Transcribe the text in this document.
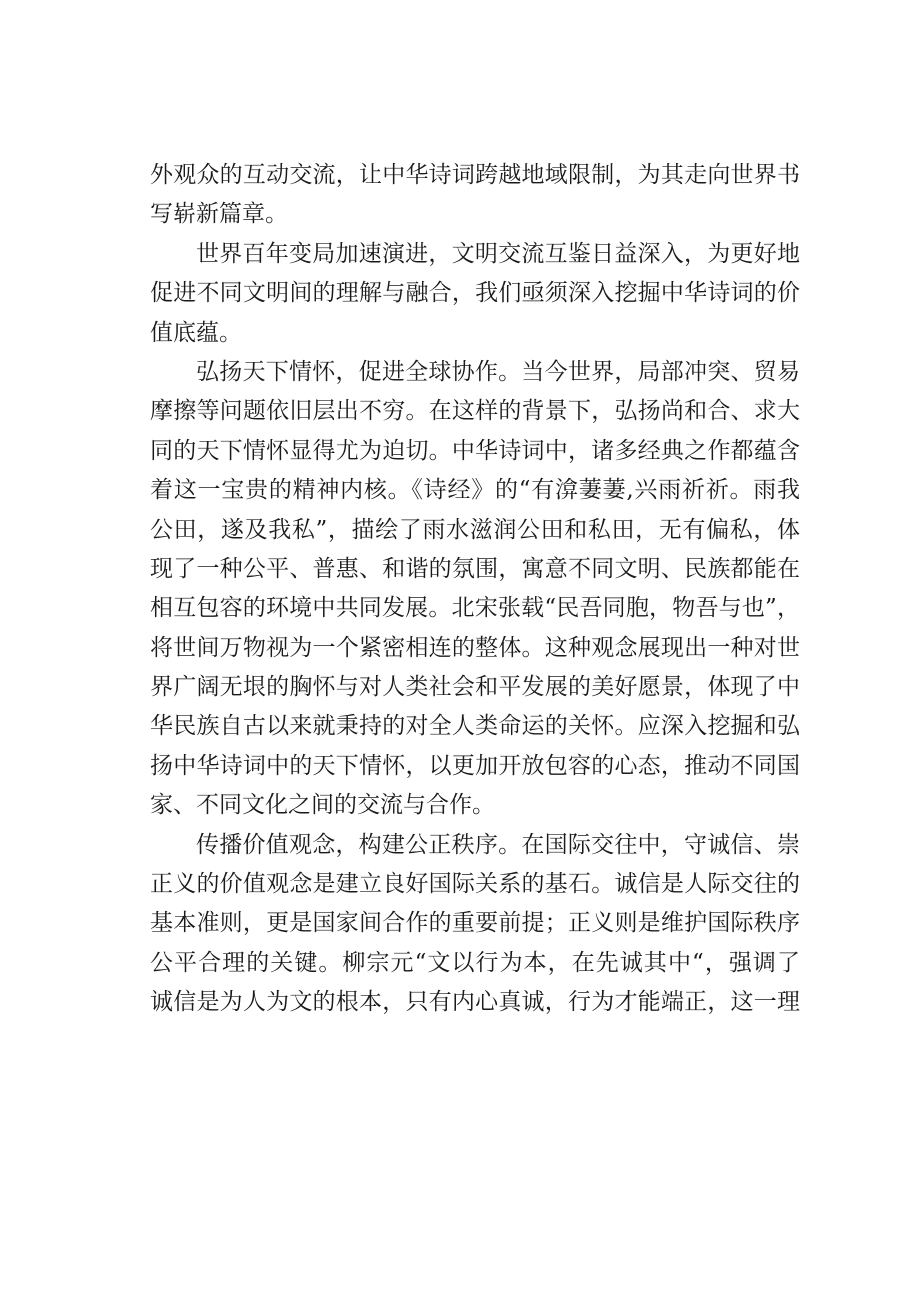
外观众的互动交流，让中华诗词跨越地域限制，为其走向世界书
写崭新篇章。
世界百年变局加速演进，文明交流互鉴日益深入，为更好地
促进不同文明间的理解与融合，我们亟须深入挖掘中华诗词的价
值底蕴。
弘扬天下情怀，促进全球协作。当今世界，局部冲突、贸易
摩擦等问题依旧层出不穷。在这样的背景下，弘扬尚和合、求大
同的天下情怀显得尤为迫切。中华诗词中，诸多经典之作都蕴含
着这一宝贵的精神内核。《诗经》的“有渰萋萋,兴雨祈祈。雨我
公田，遂及我私”，描绘了雨水滋润公田和私田，无有偏私，体
现了一种公平、普惠、和谐的氛围，寓意不同文明、民族都能在
相互包容的环境中共同发展。北宋张载“民吾同胞，物吾与也”，
将世间万物视为一个紧密相连的整体。这种观念展现出一种对世
界广阔无垠的胸怀与对人类社会和平发展的美好愿景，体现了中
华民族自古以来就秉持的对全人类命运的关怀。应深入挖掘和弘
扬中华诗词中的天下情怀，以更加开放包容的心态，推动不同国
家、不同文化之间的交流与合作。
传播价值观念，构建公正秩序。在国际交往中，守诚信、崇
正义的价值观念是建立良好国际关系的基石。诚信是人际交往的
基本准则，更是国家间合作的重要前提；正义则是维护国际秩序
公平合理的关键。柳宗元“文以行为本，在先诚其中“，强调了
诚信是为人为文的根本，只有内心真诚，行为才能端正，这一理
